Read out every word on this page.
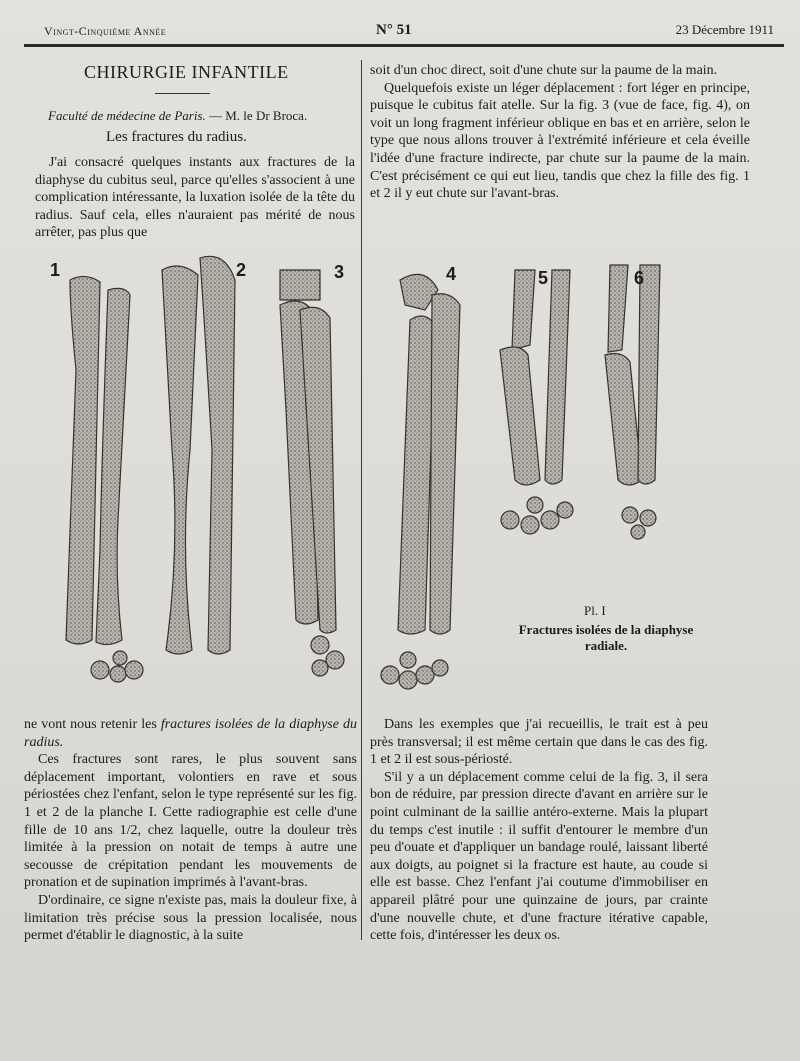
Vingt-Cinquième Année	N° 51	23 Décembre 1911
CHIRURGIE INFANTILE
Faculté de médecine de Paris. — M. le Dr Broca.
Les fractures du radius.

J'ai consacré quelques instants aux fractures de la diaphyse du cubitus seul, parce qu'elles s'associent à une complication intéressante, la luxation isolée de la tête du radius. Sauf cela, elles n'auraient pas mérité de nous arrêter, pas plus que

soit d'un choc direct, soit d'une chute sur la paume de la main.

Quelquefois existe un léger déplacement : fort léger en principe, puisque le cubitus fait atelle. Sur la fig. 3 (vue de face, fig. 4), on voit un long fragment inférieur oblique en bas et en arrière, selon le type que nous allons trouver à l'extrémité inférieure et cela éveille l'idée d'une fracture indirecte, par chute sur la paume de la main. C'est précisément ce qui eut lieu, tandis que chez la fille des fig. 1 et 2 il y eut chute sur l'avant-bras.

1	2	3	4	5	6
Pl. I
Fractures isolées de la diaphyse radiale.

ne vont nous retenir les fractures isolées de la diaphyse du radius.

Ces fractures sont rares, le plus souvent sans déplacement important, volontiers en rave et sous périostées chez l'enfant, selon le type représenté sur les fig. 1 et 2 de la planche I. Cette radiographie est celle d'une fille de 10 ans 1/2, chez laquelle, outre la douleur très limitée à la pression on notait de temps à autre une secousse de crépitation pendant les mouvements de pronation et de supination imprimés à l'avant-bras.

D'ordinaire, ce signe n'existe pas, mais la douleur fixe, à limitation très précise sous la pression localisée, nous permet d'établir le diagnostic, à la suite

Dans les exemples que j'ai recueillis, le trait est à peu près transversal; il est même certain que dans le cas des fig. 1 et 2 il est sous-périosté.

S'il y a un déplacement comme celui de la fig. 3, il sera bon de réduire, par pression directe d'avant en arrière sur le point culminant de la saillie antéro-externe. Mais la plupart du temps c'est inutile : il suffit d'entourer le membre d'un peu d'ouate et d'appliquer un bandage roulé, laissant liberté aux doigts, au poignet si la fracture est haute, au coude si elle est basse. Chez l'enfant j'ai coutume d'immobiliser en appareil plâtré pour une quinzaine de jours, par crainte d'une nouvelle chute, et d'une fracture itérative capable, cette fois, d'intéresser les deux os.
